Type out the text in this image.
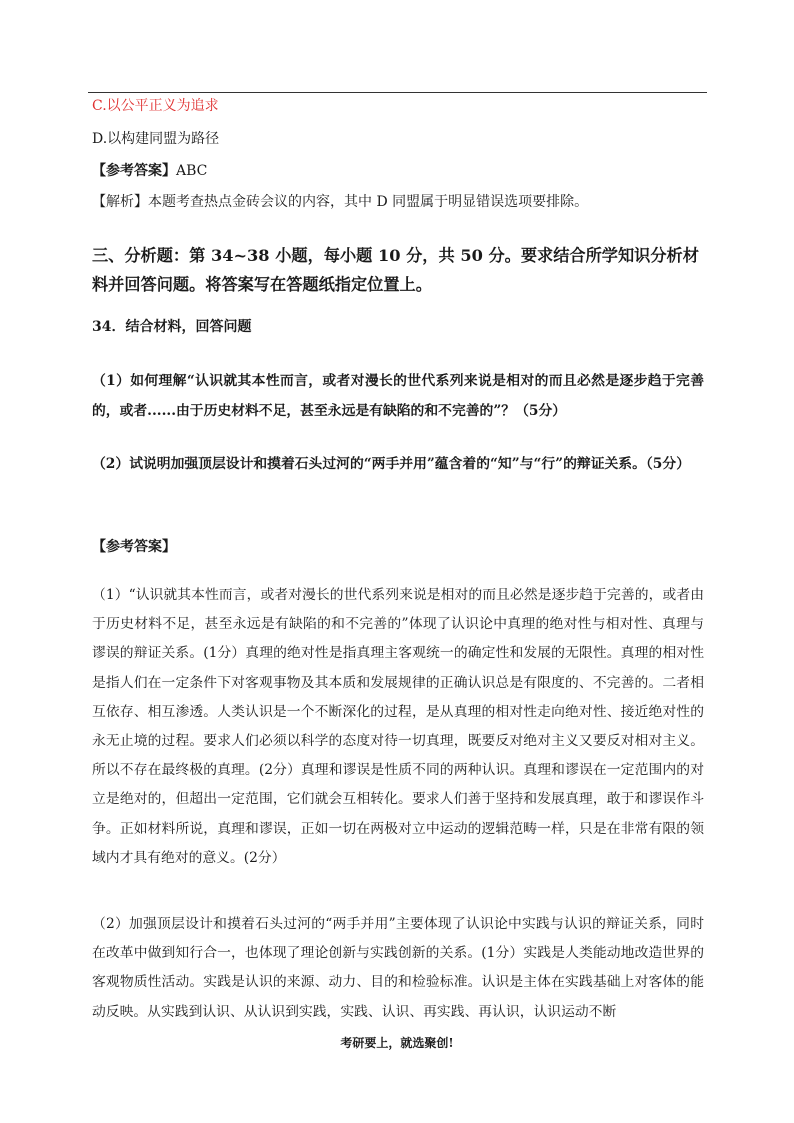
C.以公平正义为追求
D.以构建同盟为路径
【参考答案】ABC
【解析】本题考查热点金砖会议的内容，其中 D 同盟属于明显错误选项要排除。
三、分析题：第 34~38 小题，每小题 10 分，共 50 分。要求结合所学知识分析材料并回答问题。将答案写在答题纸指定位置上。
34．结合材料，回答问题
（1）如何理解“认识就其本性而言，或者对漫长的世代系列来说是相对的而且必然是逐步趋于完善的，或者......由于历史材料不足，甚至永远是有缺陷的和不完善的”？（5分）
（2）试说明加强顶层设计和摸着石头过河的“两手并用”蕴含着的“知”与“行”的辩证关系。（5分）
【参考答案】
（1）“认识就其本性而言，或者对漫长的世代系列来说是相对的而且必然是逐步趋于完善的，或者由于历史材料不足，甚至永远是有缺陷的和不完善的”体现了认识论中真理的绝对性与相对性、真理与谬误的辩证关系。(1分）真理的绝对性是指真理主客观统一的确定性和发展的无限性。真理的相对性是指人们在一定条件下对客观事物及其本质和发展规律的正确认识总是有限度的、不完善的。二者相互依存、相互渗透。人类认识是一个不断深化的过程，是从真理的相对性走向绝对性、接近绝对性的永无止境的过程。要求人们必须以科学的态度对待一切真理，既要反对绝对主义又要反对相对主义。所以不存在最终极的真理。(2分）真理和谬误是性质不同的两种认识。真理和谬误在一定范围内的对立是绝对的，但超出一定范围，它们就会互相转化。要求人们善于坚持和发展真理，敢于和谬误作斗争。正如材料所说，真理和谬误，正如一切在两极对立中运动的逻辑范畴一样，只是在非常有限的领域内才具有绝对的意义。(2分）
（2）加强顶层设计和摸着石头过河的“两手并用”主要体现了认识论中实践与认识的辩证关系，同时在改革中做到知行合一，也体现了理论创新与实践创新的关系。(1分）实践是人类能动地改造世界的客观物质性活动。实践是认识的来源、动力、目的和检验标准。认识是主体在实践基础上对客体的能动反映。从实践到认识、从认识到实践，实践、认识、再实践、再认识，认识运动不断
考研要上，就选聚创!
